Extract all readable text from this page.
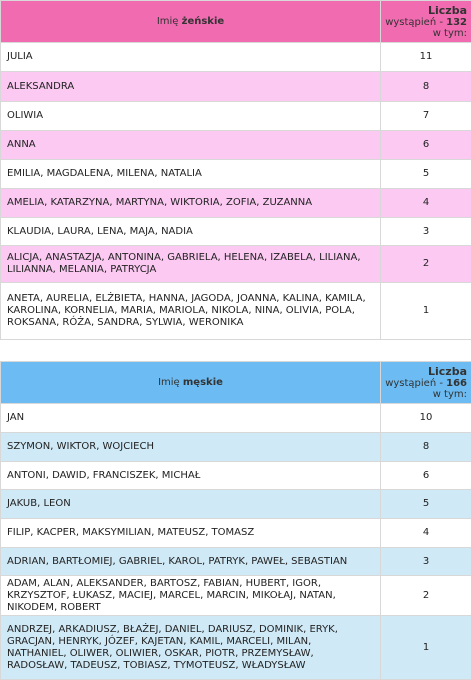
Imię żeńskie	Liczba
wystąpień - 132
w tym:
JULIA	11
ALEKSANDRA	8
OLIWIA	7
ANNA	6
EMILIA, MAGDALENA, MILENA, NATALIA	5
AMELIA, KATARZYNA, MARTYNA, WIKTORIA, ZOFIA, ZUZANNA	4
KLAUDIA, LAURA, LENA, MAJA, NADIA	3
ALICJA, ANASTAZJA, ANTONINA, GABRIELA, HELENA, IZABELA, LILIANA, LILIANNA, MELANIA, PATRYCJA	2
ANETA, AURELIA, ELŻBIETA, HANNA, JAGODA, JOANNA, KALINA, KAMILA, KAROLINA, KORNELIA, MARIA, MARIOLA, NIKOLA, NINA, OLIVIA, POLA, ROKSANA, RÓŻA, SANDRA, SYLWIA, WERONIKA	1
Imię męskie	Liczba
wystąpień - 166
w tym:
JAN	10
SZYMON, WIKTOR, WOJCIECH	8
ANTONI, DAWID, FRANCISZEK, MICHAŁ	6
JAKUB, LEON	5
FILIP, KACPER, MAKSYMILIAN, MATEUSZ, TOMASZ	4
ADRIAN, BARTŁOMIEJ, GABRIEL, KAROL, PATRYK, PAWEŁ, SEBASTIAN	3
ADAM, ALAN, ALEKSANDER, BARTOSZ, FABIAN, HUBERT, IGOR, KRZYSZTOF, ŁUKASZ, MACIEJ, MARCEL, MARCIN, MIKOŁAJ, NATAN, NIKODEM, ROBERT	2
ANDRZEJ, ARKADIUSZ, BŁAŻEJ, DANIEL, DARIUSZ, DOMINIK, ERYK, GRACJAN, HENRYK, JÓZEF, KAJETAN, KAMIL, MARCELI, MILAN, NATHANIEL, OLIWER, OLIWIER, OSKAR, PIOTR, PRZEMYSŁAW, RADOSŁAW, TADEUSZ, TOBIASZ, TYMOTEUSZ, WŁADYSŁAW	1
